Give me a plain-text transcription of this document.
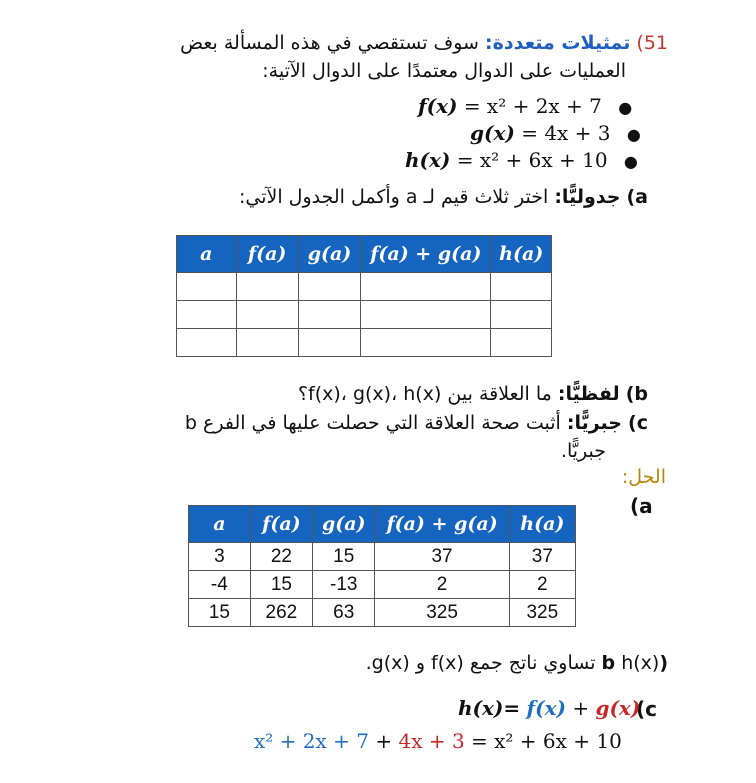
51) تمثيلات متعددة: سوف تستقصي في هذه المسألة بعض
العمليات على الدوال معتمدًا على الدوال الآتية:
f(x) = x² + 2x + 7 ●
g(x) = 4x + 3 ●
h(x) = x² + 6x + 10 ●
a) جدوليًّا: اختر ثلاث قيم لـ a وأكمل الجدول الآتي:
a	f(a)	g(a)	f(a) + g(a)	h(a)

b) لفظيًّا: ما العلاقة بين f(x)، g(x)، h(x)؟
c) جبريًّا: أثبت صحة العلاقة التي حصلت عليها في الفرع b
جبريًّا.
الحل:
(a
a	f(a)	g(a)	f(a) + g(a)	h(a)
3	22	15	37	37
-4	15	-13	2	2
15	262	63	325	325
(b h(x) تساوي ناتج جمع f(x) و g(x).
(c
h(x)= f(x) + g(x)
x² + 2x + 7 + 4x + 3 = x² + 6x + 10
